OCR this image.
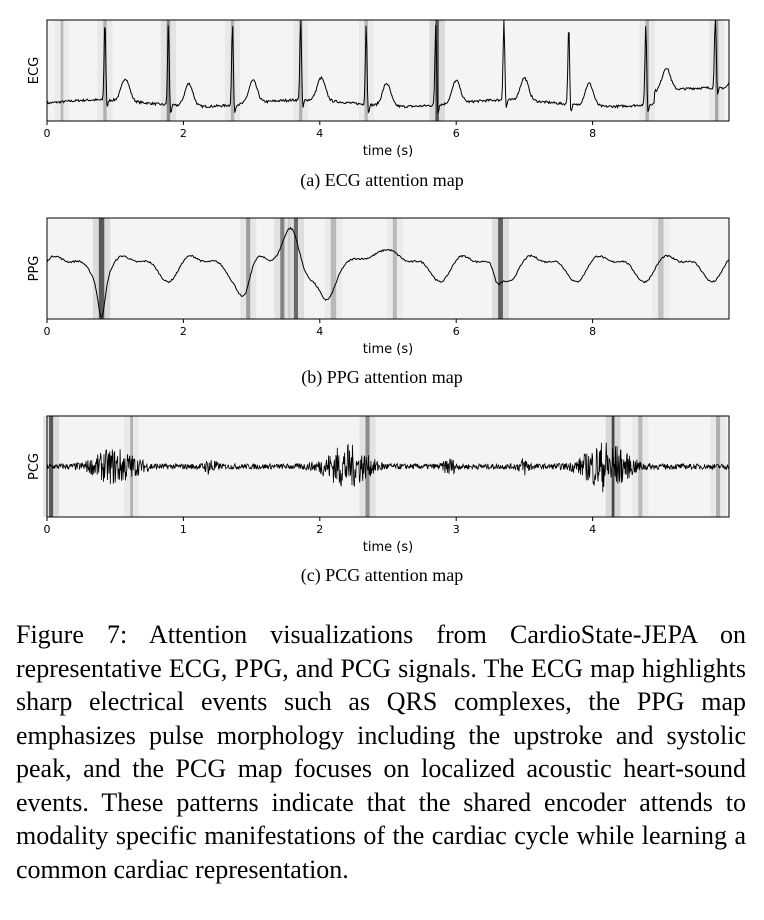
0	2	4	6	8
time (s)
ECG
0	2	4	6	8
time (s)
PPG
0	1	2	3	4
time (s)
PCG
(a) ECG attention map
(b) PPG attention map
(c) PCG attention map

Figure 7: Attention visualizations from CardioState-JEPA on representative ECG, PPG, and PCG signals. The ECG map highlights sharp electrical events such as QRS complexes, the PPG map emphasizes pulse morphology including the upstroke and systolic peak, and the PCG map focuses on localized acoustic heart-sound events. These patterns indicate that the shared encoder attends to modality specific manifestations of the cardiac cycle while learning a common cardiac representation.
